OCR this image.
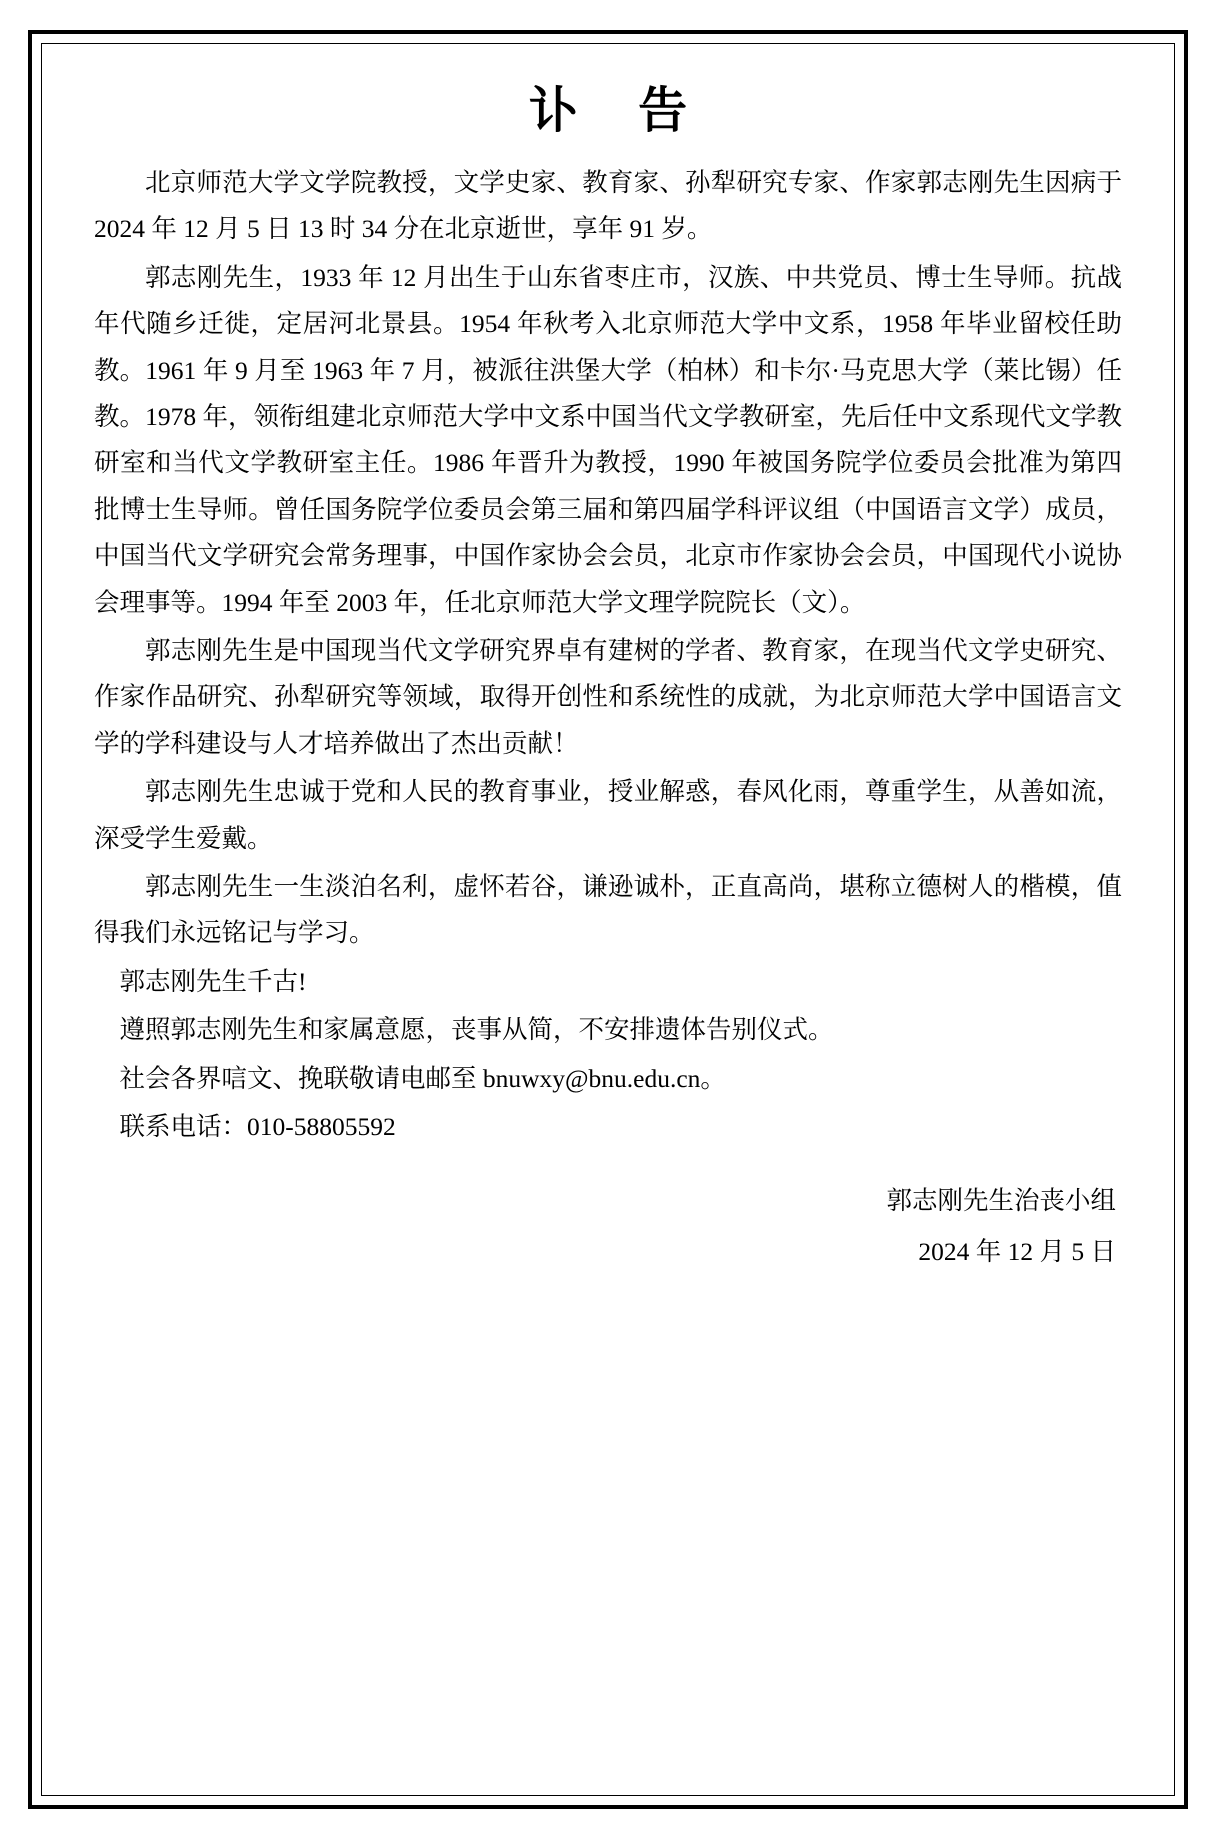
讣 告

北京师范大学文学院教授，文学史家、教育家、孙犁研究专家、作家郭志刚先生因病于 2024 年 12 月 5 日 13 时 34 分在北京逝世，享年 91 岁。

郭志刚先生，1933 年 12 月出生于山东省枣庄市，汉族、中共党员、博士生导师。抗战年代随乡迁徙，定居河北景县。1954 年秋考入北京师范大学中文系，1958 年毕业留校任助教。1961 年 9 月至 1963 年 7 月，被派往洪堡大学（柏林）和卡尔·马克思大学（莱比锡）任教。1978 年，领衔组建北京师范大学中文系中国当代文学教研室，先后任中文系现代文学教研室和当代文学教研室主任。1986 年晋升为教授，1990 年被国务院学位委员会批准为第四批博士生导师。曾任国务院学位委员会第三届和第四届学科评议组（中国语言文学）成员，中国当代文学研究会常务理事，中国作家协会会员，北京市作家协会会员，中国现代小说协会理事等。1994 年至 2003 年，任北京师范大学文理学院院长（文）。

郭志刚先生是中国现当代文学研究界卓有建树的学者、教育家，在现当代文学史研究、作家作品研究、孙犁研究等领域，取得开创性和系统性的成就，为北京师范大学中国语言文学的学科建设与人才培养做出了杰出贡献！

郭志刚先生忠诚于党和人民的教育事业，授业解惑，春风化雨，尊重学生，从善如流，深受学生爱戴。

郭志刚先生一生淡泊名利，虚怀若谷，谦逊诚朴，正直高尚，堪称立德树人的楷模，值得我们永远铭记与学习。

郭志刚先生千古!

遵照郭志刚先生和家属意愿，丧事从简，不安排遗体告别仪式。

社会各界唁文、挽联敬请电邮至 bnuwxy@bnu.edu.cn。

联系电话：010-58805592

郭志刚先生治丧小组

2024 年 12 月 5 日
